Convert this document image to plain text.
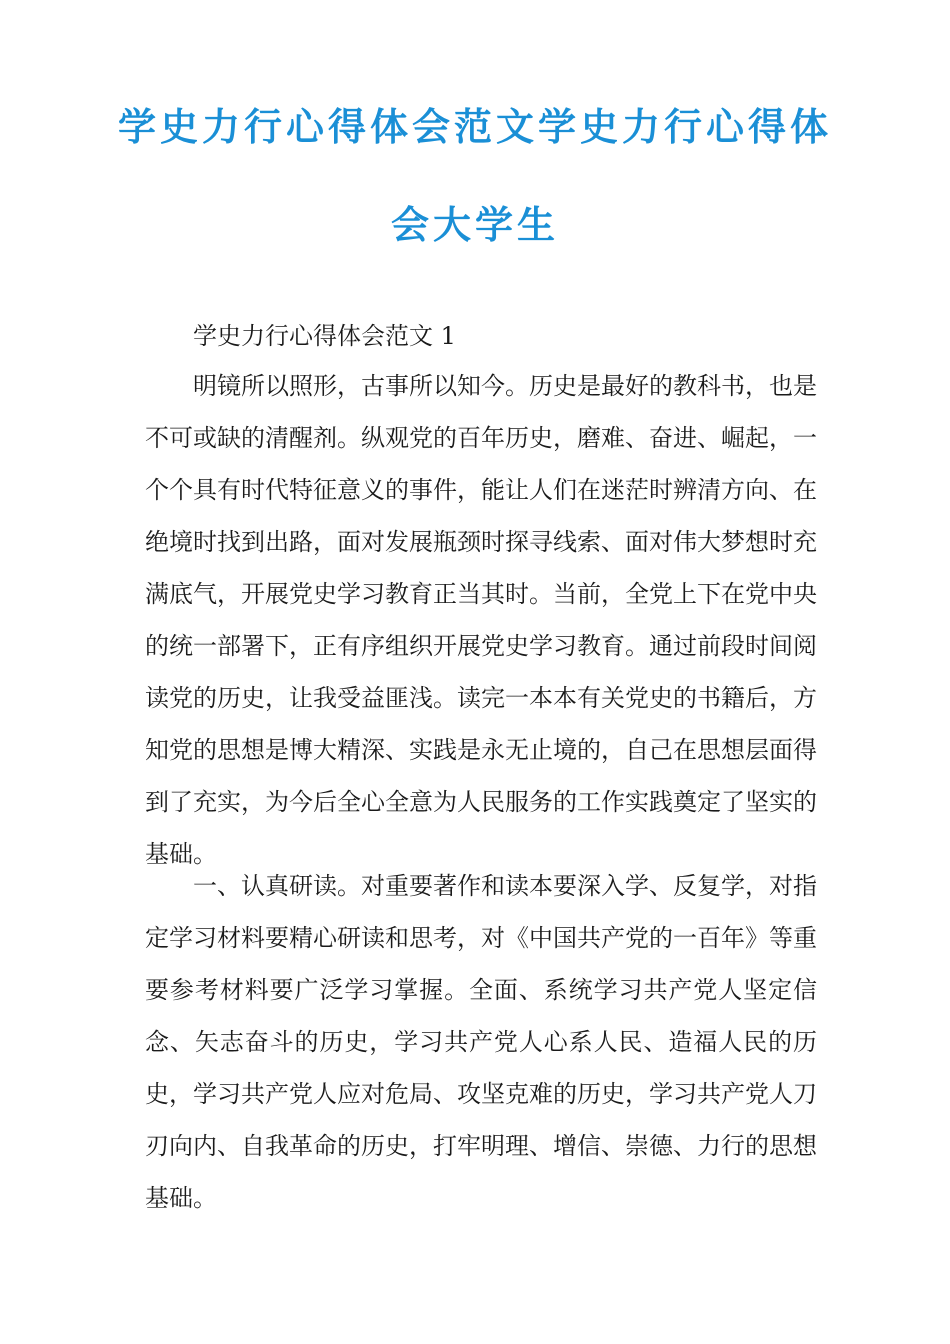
学史力行心得体会范文学史力行心得体
会大学生
学史力行心得体会范文 1

明镜所以照形，古事所以知今。历史是最好的教科书，也是不可或缺的清醒剂。纵观党的百年历史，磨难、奋进、崛起，一个个具有时代特征意义的事件，能让人们在迷茫时辨清方向、在绝境时找到出路，面对发展瓶颈时探寻线索、面对伟大梦想时充满底气，开展党史学习教育正当其时。当前，全党上下在党中央的统一部署下，正有序组织开展党史学习教育。通过前段时间阅读党的历史，让我受益匪浅。读完一本本有关党史的书籍后，方知党的思想是博大精深、实践是永无止境的，自己在思想层面得到了充实，为今后全心全意为人民服务的工作实践奠定了坚实的基础。

一、认真研读。对重要著作和读本要深入学、反复学，对指定学习材料要精心研读和思考，对《中国共产党的一百年》等重要参考材料要广泛学习掌握。全面、系统学习共产党人坚定信念、矢志奋斗的历史，学习共产党人心系人民、造福人民的历史，学习共产党人应对危局、攻坚克难的历史，学习共产党人刀刃向内、自我革命的历史，打牢明理、增信、崇德、力行的思想基础。
